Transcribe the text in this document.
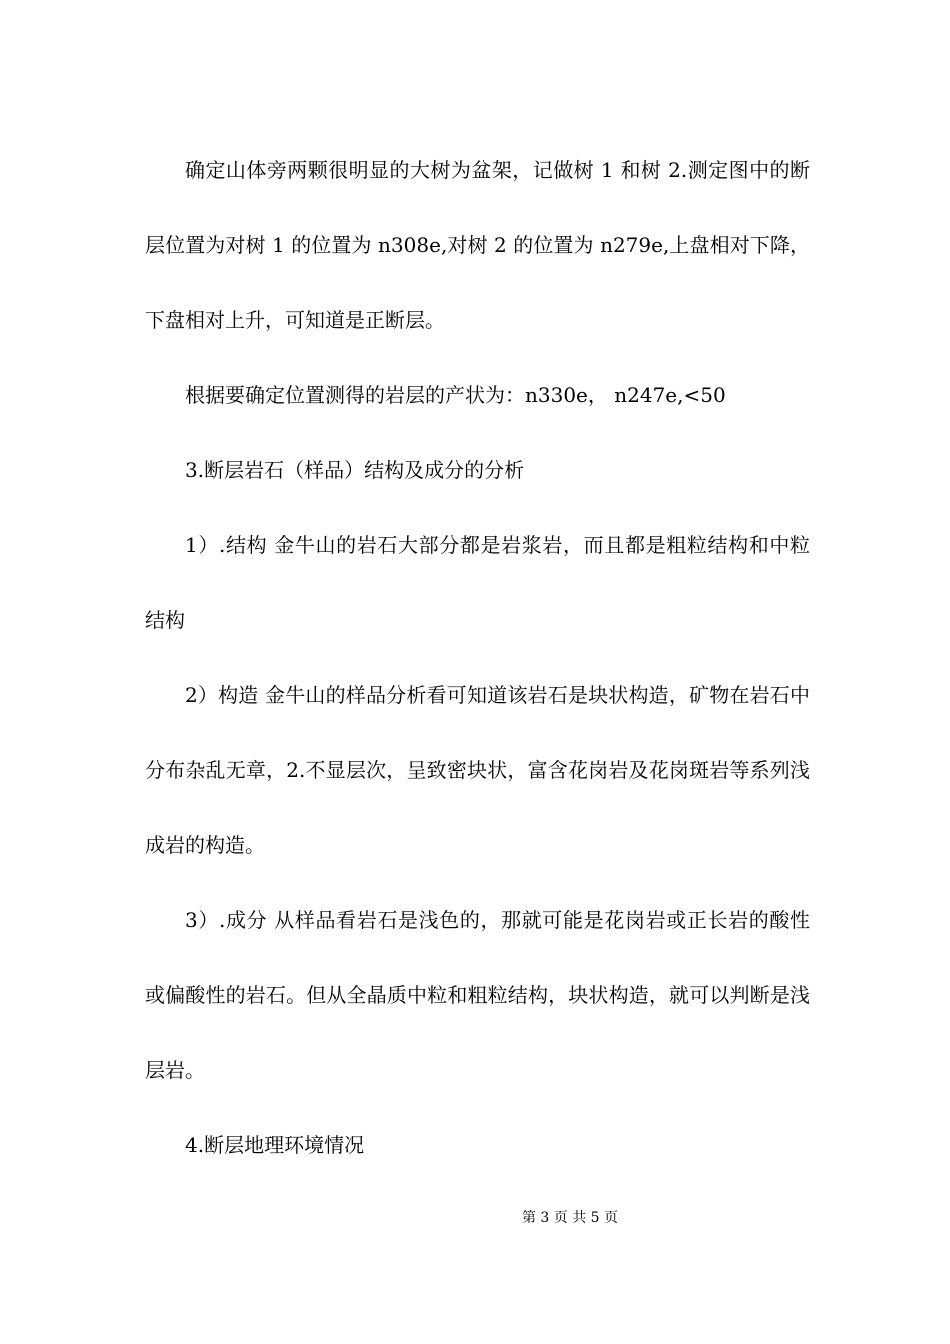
确定山体旁两颗很明显的大树为盆架，记做树 1 和树 2.测定图中的断层位置为对树 1 的位置为 n308e,对树 2 的位置为 n279e,上盘相对下降，下盘相对上升，可知道是正断层。

根据要确定位置测得的岩层的产状为：n330e， n247e,<50

3.断层岩石（样品）结构及成分的分析

1）.结构 金牛山的岩石大部分都是岩浆岩，而且都是粗粒结构和中粒结构

2）构造 金牛山的样品分析看可知道该岩石是块状构造，矿物在岩石中分布杂乱无章，2.不显层次，呈致密块状，富含花岗岩及花岗斑岩等系列浅成岩的构造。

3）.成分 从样品看岩石是浅色的，那就可能是花岗岩或正长岩的酸性或偏酸性的岩石。但从全晶质中粒和粗粒结构，块状构造，就可以判断是浅层岩。

4.断层地理环境情况

第 3 页 共 5 页
